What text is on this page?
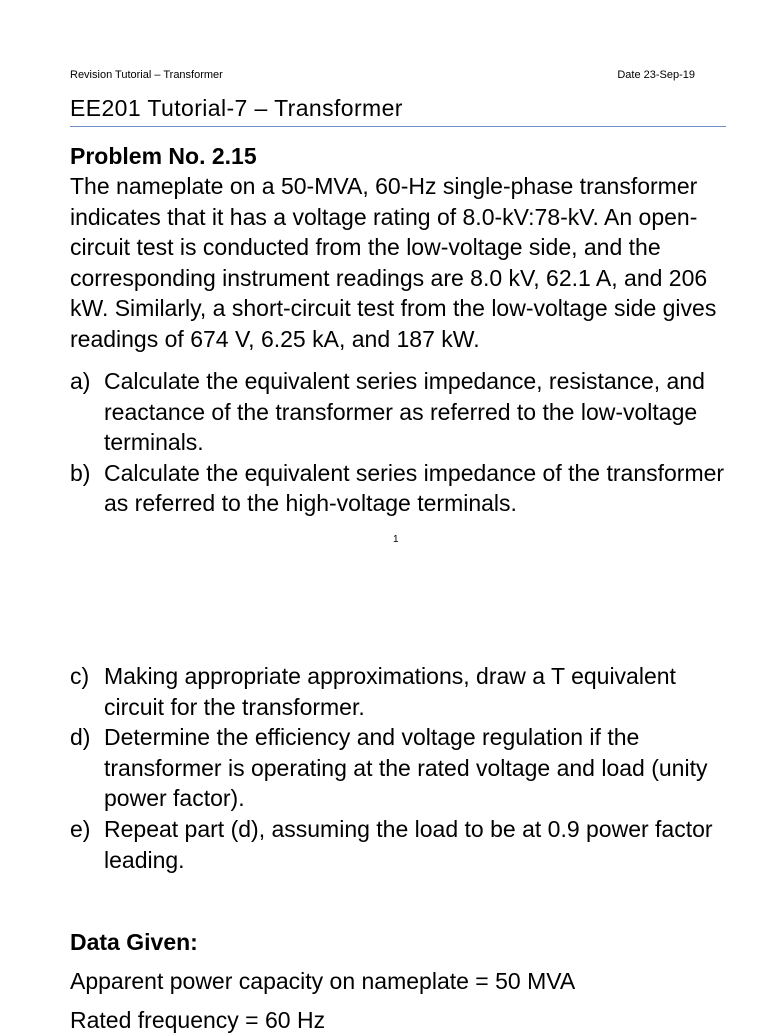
Revision Tutorial – Transformer	Date 23-Sep-19
EE201 Tutorial-7 – Transformer
Problem No. 2.15
The nameplate on a 50-MVA, 60-Hz single-phase transformer indicates that it has a voltage rating of 8.0-kV:78-kV. An open-circuit test is conducted from the low-voltage side, and the corresponding instrument readings are 8.0 kV, 62.1 A, and 206 kW. Similarly, a short-circuit test from the low-voltage side gives readings of 674 V, 6.25 kA, and 187 kW.
a) Calculate the equivalent series impedance, resistance, and reactance of the transformer as referred to the low-voltage terminals.
b) Calculate the equivalent series impedance of the transformer as referred to the high-voltage terminals.
1
c) Making appropriate approximations, draw a T equivalent circuit for the transformer.
d) Determine the efficiency and voltage regulation if the transformer is operating at the rated voltage and load (unity power factor).
e) Repeat part (d), assuming the load to be at 0.9 power factor leading.
Data Given:
Apparent power capacity on nameplate = 50 MVA
Rated frequency = 60 Hz
